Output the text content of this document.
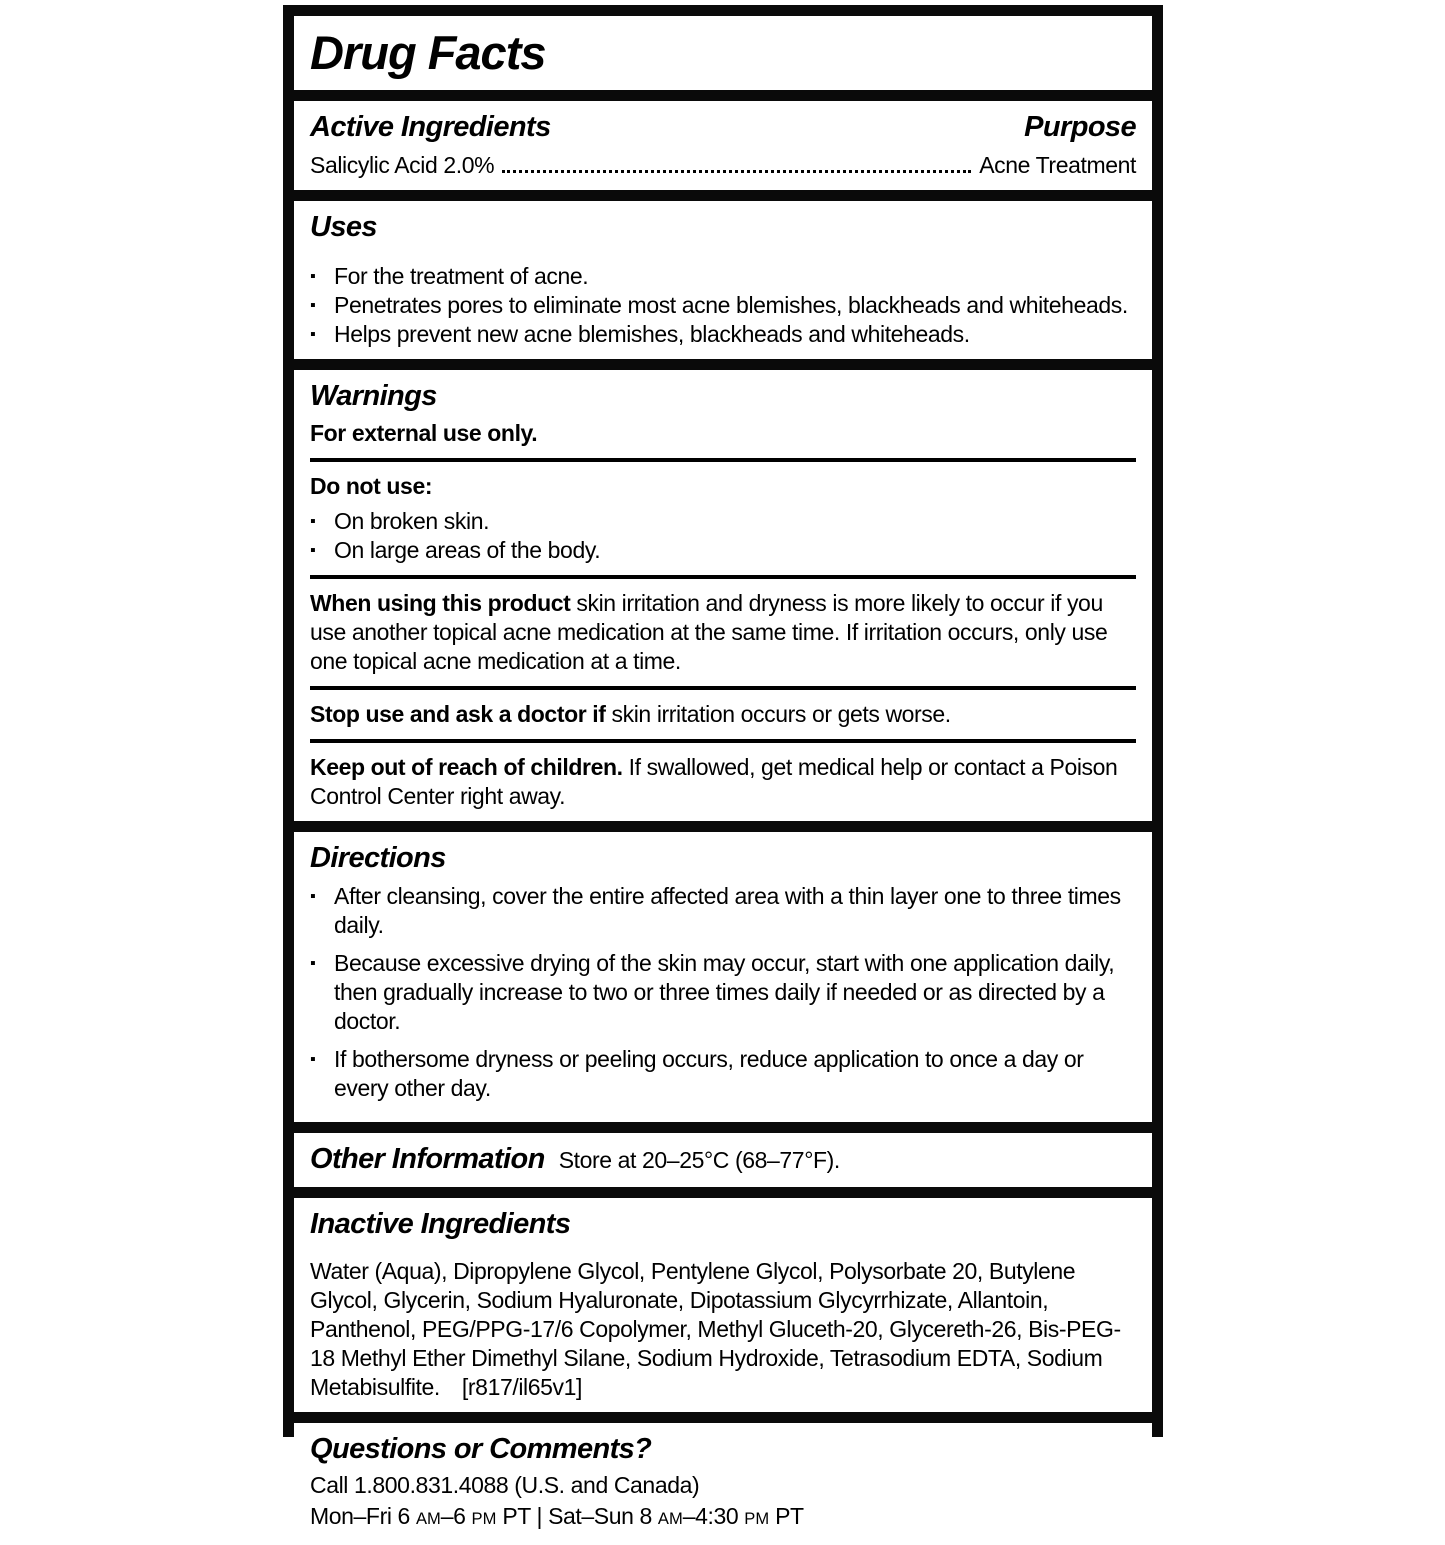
Drug Facts
Active Ingredients	Purpose
Salicylic Acid 2.0%	Acne Treatment
Uses
▪ For the treatment of acne.
▪ Penetrates pores to eliminate most acne blemishes, blackheads and whiteheads.
▪ Helps prevent new acne blemishes, blackheads and whiteheads.
Warnings

For external use only.

Do not use:

▪ On broken skin.
▪ On large areas of the body.

When using this product skin irritation and dryness is more likely to occur if you use another topical acne medication at the same time. If irritation occurs, only use one topical acne medication at a time.

Stop use and ask a doctor if skin irritation occurs or gets worse.

Keep out of reach of children. If swallowed, get medical help or contact a Poison Control Center right away.

Directions
▪ After cleansing, cover the entire affected area with a thin layer one to three times daily.
▪ Because excessive drying of the skin may occur, start with one application daily, then gradually increase to two or three times daily if needed or as directed by a doctor.
▪ If bothersome dryness or peeling occurs, reduce application to once a day or every other day.
Other Information Store at 20–25°C (68–77°F).
Inactive Ingredients

Water (Aqua), Dipropylene Glycol, Pentylene Glycol, Polysorbate 20, Butylene Glycol, Glycerin, Sodium Hyaluronate, Dipotassium Glycyrrhizate, Allantoin, Panthenol, PEG/PPG-17/6 Copolymer, Methyl Gluceth-20, Glycereth-26, Bis-PEG-18 Methyl Ether Dimethyl Silane, Sodium Hydroxide, Tetrasodium EDTA, Sodium Metabisulfite. [r817/il65v1]

Questions or Comments?
Call 1.800.831.4088 (U.S. and Canada)
Mon–Fri 6 AM–6 PM PT | Sat–Sun 8 AM–4:30 PM PT
